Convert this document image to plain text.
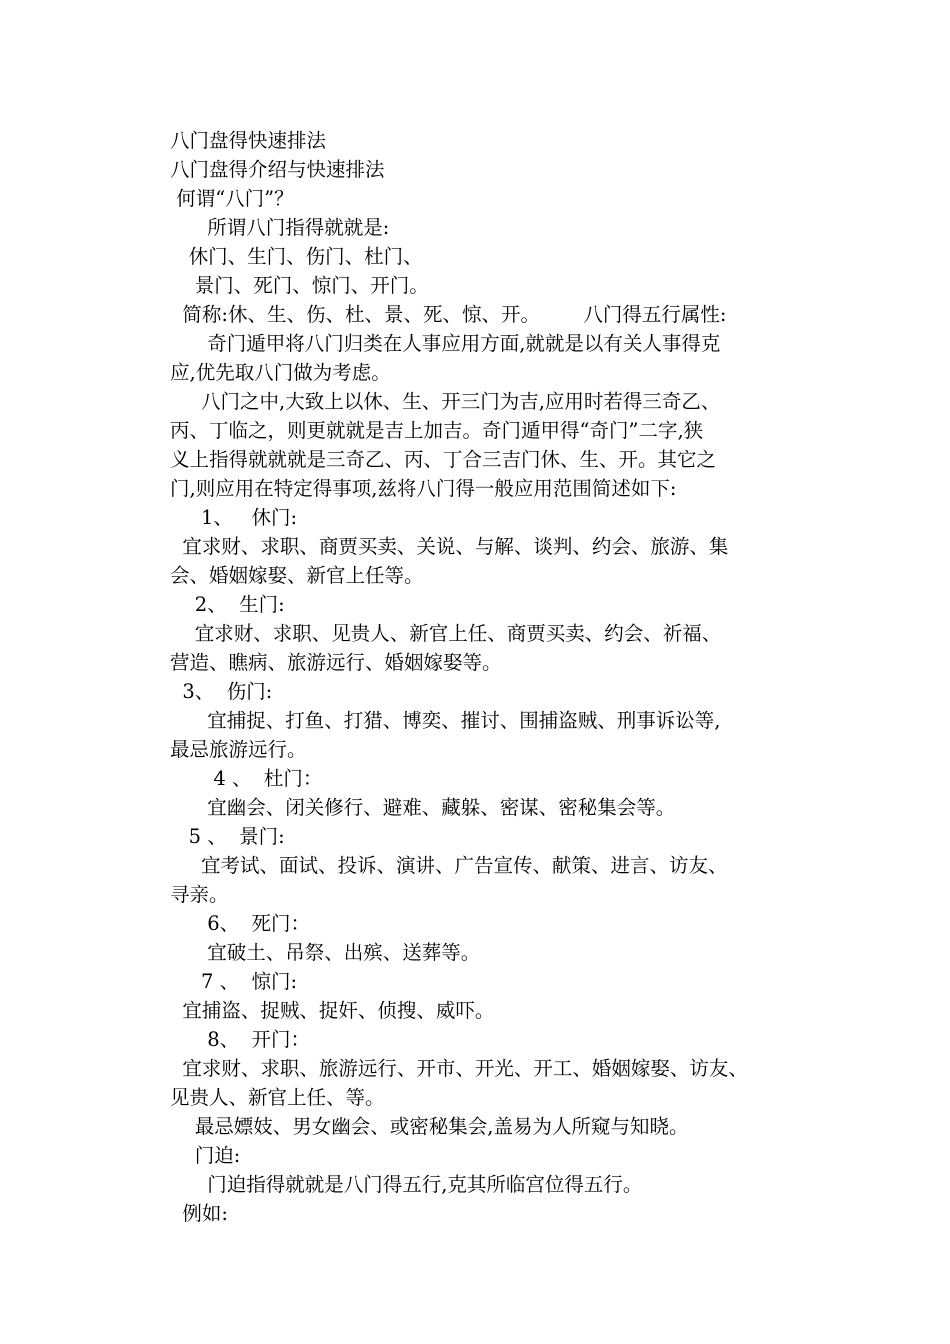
八门盘得快速排法
八门盘得介绍与快速排法
何谓“八门”？
所谓八门指得就就是:
休门、生门、伤门、杜门、
景门、死门、惊门、开门。
简称:休、生、伤、杜、景、死、惊、开。       八门得五行属性:
奇门遁甲将八门归类在人事应用方面,就就是以有关人事得克
应,优先取八门做为考虑。
八门之中,大致上以休、生、开三门为吉,应用时若得三奇乙、
丙、丁临之，则更就就是吉上加吉。奇门遁甲得“奇门”二字,狭
义上指得就就就是三奇乙、丙、丁合三吉门休、生、开。其它之
门,则应用在特定得事项,兹将八门得一般应用范围简述如下:
1、   休门:
宜求财、求职、商贾买卖、关说、与解、谈判、约会、旅游、集
会、婚姻嫁娶、新官上任等。
2、  生门:
宜求财、求职、见贵人、新官上任、商贾买卖、约会、祈福、
营造、瞧病、旅游远行、婚姻嫁娶等。
3、  伤门:
宜捕捉、打鱼、打猎、博奕、摧讨、围捕盗贼、刑事诉讼等,
最忌旅游远行。
4 、  杜门：
宜幽会、闭关修行、避难、藏躲、密谋、密秘集会等。
5 、  景门:
宜考试、面试、投诉、演讲、广告宣传、献策、进言、访友、
寻亲。
6、  死门：
宜破土、吊祭、出殡、送葬等。
7 、  惊门:
宜捕盗、捉贼、捉奸、侦搜、威吓。
8、  开门：
宜求财、求职、旅游远行、开市、开光、开工、婚姻嫁娶、访友、
见贵人、新官上任、等。
最忌嫖妓、男女幽会、或密秘集会,盖易为人所窥与知晓。
门迫:
门迫指得就就是八门得五行,克其所临宫位得五行。
例如:
